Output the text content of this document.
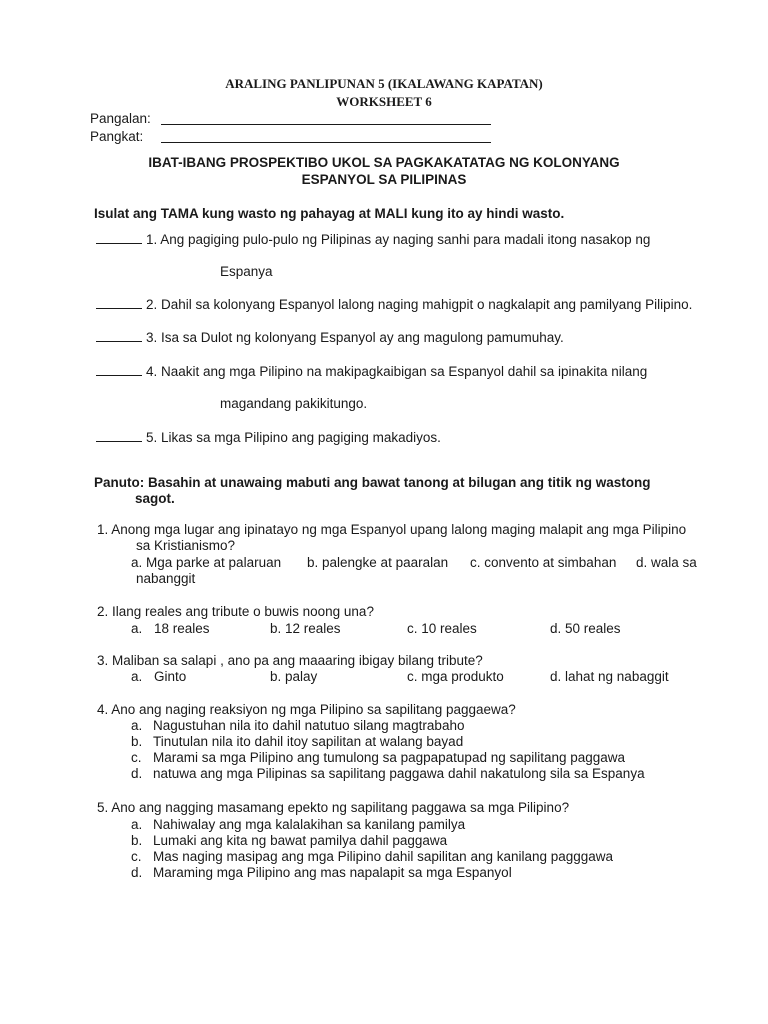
ARALING PANLIPUNAN 5 (IKALAWANG KAPATAN)
WORKSHEET 6
Pangalan:
Pangkat:
IBAT-IBANG PROSPEKTIBO UKOL SA PAGKAKATATAG NG KOLONYANG
ESPANYOL SA PILIPINAS
Isulat ang TAMA kung wasto ng pahayag at MALI kung ito ay hindi wasto.
1. Ang pagiging pulo-pulo ng Pilipinas ay naging sanhi para madali itong nasakop ng
Espanya
2. Dahil sa kolonyang Espanyol lalong naging mahigpit o nagkalapit ang pamilyang Pilipino.
3. Isa sa Dulot ng kolonyang Espanyol ay ang magulong pamumuhay.
4. Naakit ang mga Pilipino na makipagkaibigan sa Espanyol dahil sa ipinakita nilang
magandang pakikitungo.
5. Likas sa mga Pilipino ang pagiging makadiyos.
Panuto: Basahin at unawaing mabuti ang bawat tanong at bilugan ang titik ng wastong
sagot.
1. Anong mga lugar ang ipinatayo ng mga Espanyol upang lalong maging malapit ang mga Pilipino
sa Kristianismo?
a. Mga parke at palaruan b. palengke at paaralan c. convento at simbahan d. wala sa
nabanggit
2. Ilang reales ang tribute o buwis noong una?
a. 18 reales	b. 12 reales	c. 10 reales	d. 50 reales
3. Maliban sa salapi , ano pa ang maaaring ibigay bilang tribute?
a. Ginto	b. palay	c. mga produkto	d. lahat ng nabaggit
4. Ano ang naging reaksiyon ng mga Pilipino sa sapilitang paggaewa?
a. Nagustuhan nila ito dahil natutuo silang magtrabaho
b. Tinutulan nila ito dahil itoy sapilitan at walang bayad
c. Marami sa mga Pilipino ang tumulong sa pagpapatupad ng sapilitang paggawa
d. natuwa ang mga Pilipinas sa sapilitang paggawa dahil nakatulong sila sa Espanya
5. Ano ang nagging masamang epekto ng sapilitang paggawa sa mga Pilipino?
a. Nahiwalay ang mga kalalakihan sa kanilang pamilya
b. Lumaki ang kita ng bawat pamilya dahil paggawa
c. Mas naging masipag ang mga Pilipino dahil sapilitan ang kanilang pagggawa
d. Maraming mga Pilipino ang mas napalapit sa mga Espanyol
